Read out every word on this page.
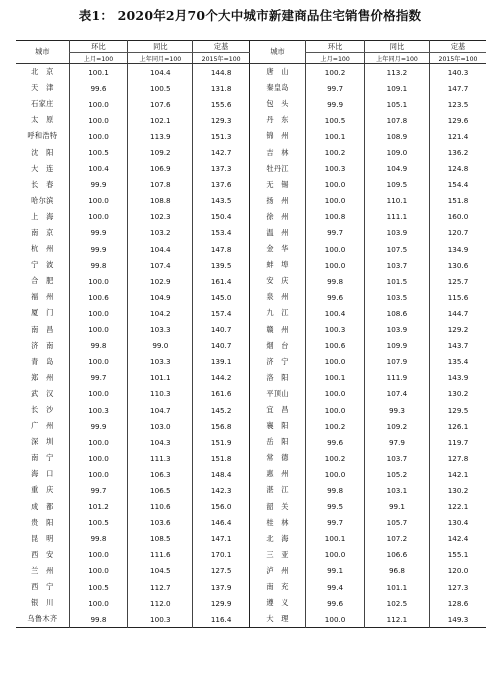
表1： 2020年2月70个大中城市新建商品住宅销售价格指数
城市	环比	同比	定基	城市	环比	同比	定基
	上月=100	上年同月=100	2015年=100		上月=100	上年同月=100	2015年=100
北　京	100.1	104.4	144.8	唐　山	100.2	113.2	140.3
天　津	99.6	100.5	131.8	秦皇岛	99.7	109.1	147.7
石家庄	100.0	107.6	155.6	包　头	99.9	105.1	123.5
太　原	100.0	102.1	129.3	丹　东	100.5	107.8	129.6
呼和浩特	100.0	113.9	151.3	锦　州	100.1	108.9	121.4
沈　阳	100.5	109.2	142.7	吉　林	100.2	109.0	136.2
大　连	100.4	106.9	137.3	牡丹江	100.3	104.9	124.8
长　春	99.9	107.8	137.6	无　锡	100.0	109.5	154.4
哈尔滨	100.0	108.8	143.5	扬　州	100.0	110.1	151.8
上　海	100.0	102.3	150.4	徐　州	100.8	111.1	160.0
南　京	99.9	103.2	153.4	温　州	99.7	103.9	120.7
杭　州	99.9	104.4	147.8	金　华	100.0	107.5	134.9
宁　波	99.8	107.4	139.5	蚌　埠	100.0	103.7	130.6
合　肥	100.0	102.9	161.4	安　庆	99.8	101.5	125.7
福　州	100.6	104.9	145.0	泉　州	99.6	103.5	115.6
厦　门	100.0	104.2	157.4	九　江	100.4	108.6	144.7
南　昌	100.0	103.3	140.7	赣　州	100.3	103.9	129.2
济　南	99.8	99.0	140.7	烟　台	100.6	109.9	143.7
青　岛	100.0	103.3	139.1	济　宁	100.0	107.9	135.4
郑　州	99.7	101.1	144.2	洛　阳	100.1	111.9	143.9
武　汉	100.0	110.3	161.6	平顶山	100.0	107.4	130.2
长　沙	100.3	104.7	145.2	宜　昌	100.0	99.3	129.5
广　州	99.9	103.0	156.8	襄　阳	100.2	109.2	126.1
深　圳	100.0	104.3	151.9	岳　阳	99.6	97.9	119.7
南　宁	100.0	111.3	151.8	常　德	100.2	103.7	127.8
海　口	100.0	106.3	148.4	惠　州	100.0	105.2	142.1
重　庆	99.7	106.5	142.3	湛　江	99.8	103.1	130.2
成　都	101.2	110.6	156.0	韶　关	99.5	99.1	122.1
贵　阳	100.5	103.6	146.4	桂　林	99.7	105.7	130.4
昆　明	99.8	108.5	147.1	北　海	100.1	107.2	142.4
西　安	100.0	111.6	170.1	三　亚	100.0	106.6	155.1
兰　州	100.0	104.5	127.5	泸　州	99.1	96.8	120.0
西　宁	100.5	112.7	137.9	南　充	99.4	101.1	127.3
银　川	100.0	112.0	129.9	遵　义	99.6	102.5	128.6
乌鲁木齐	99.8	100.3	116.4	大　理	100.0	112.1	149.3
